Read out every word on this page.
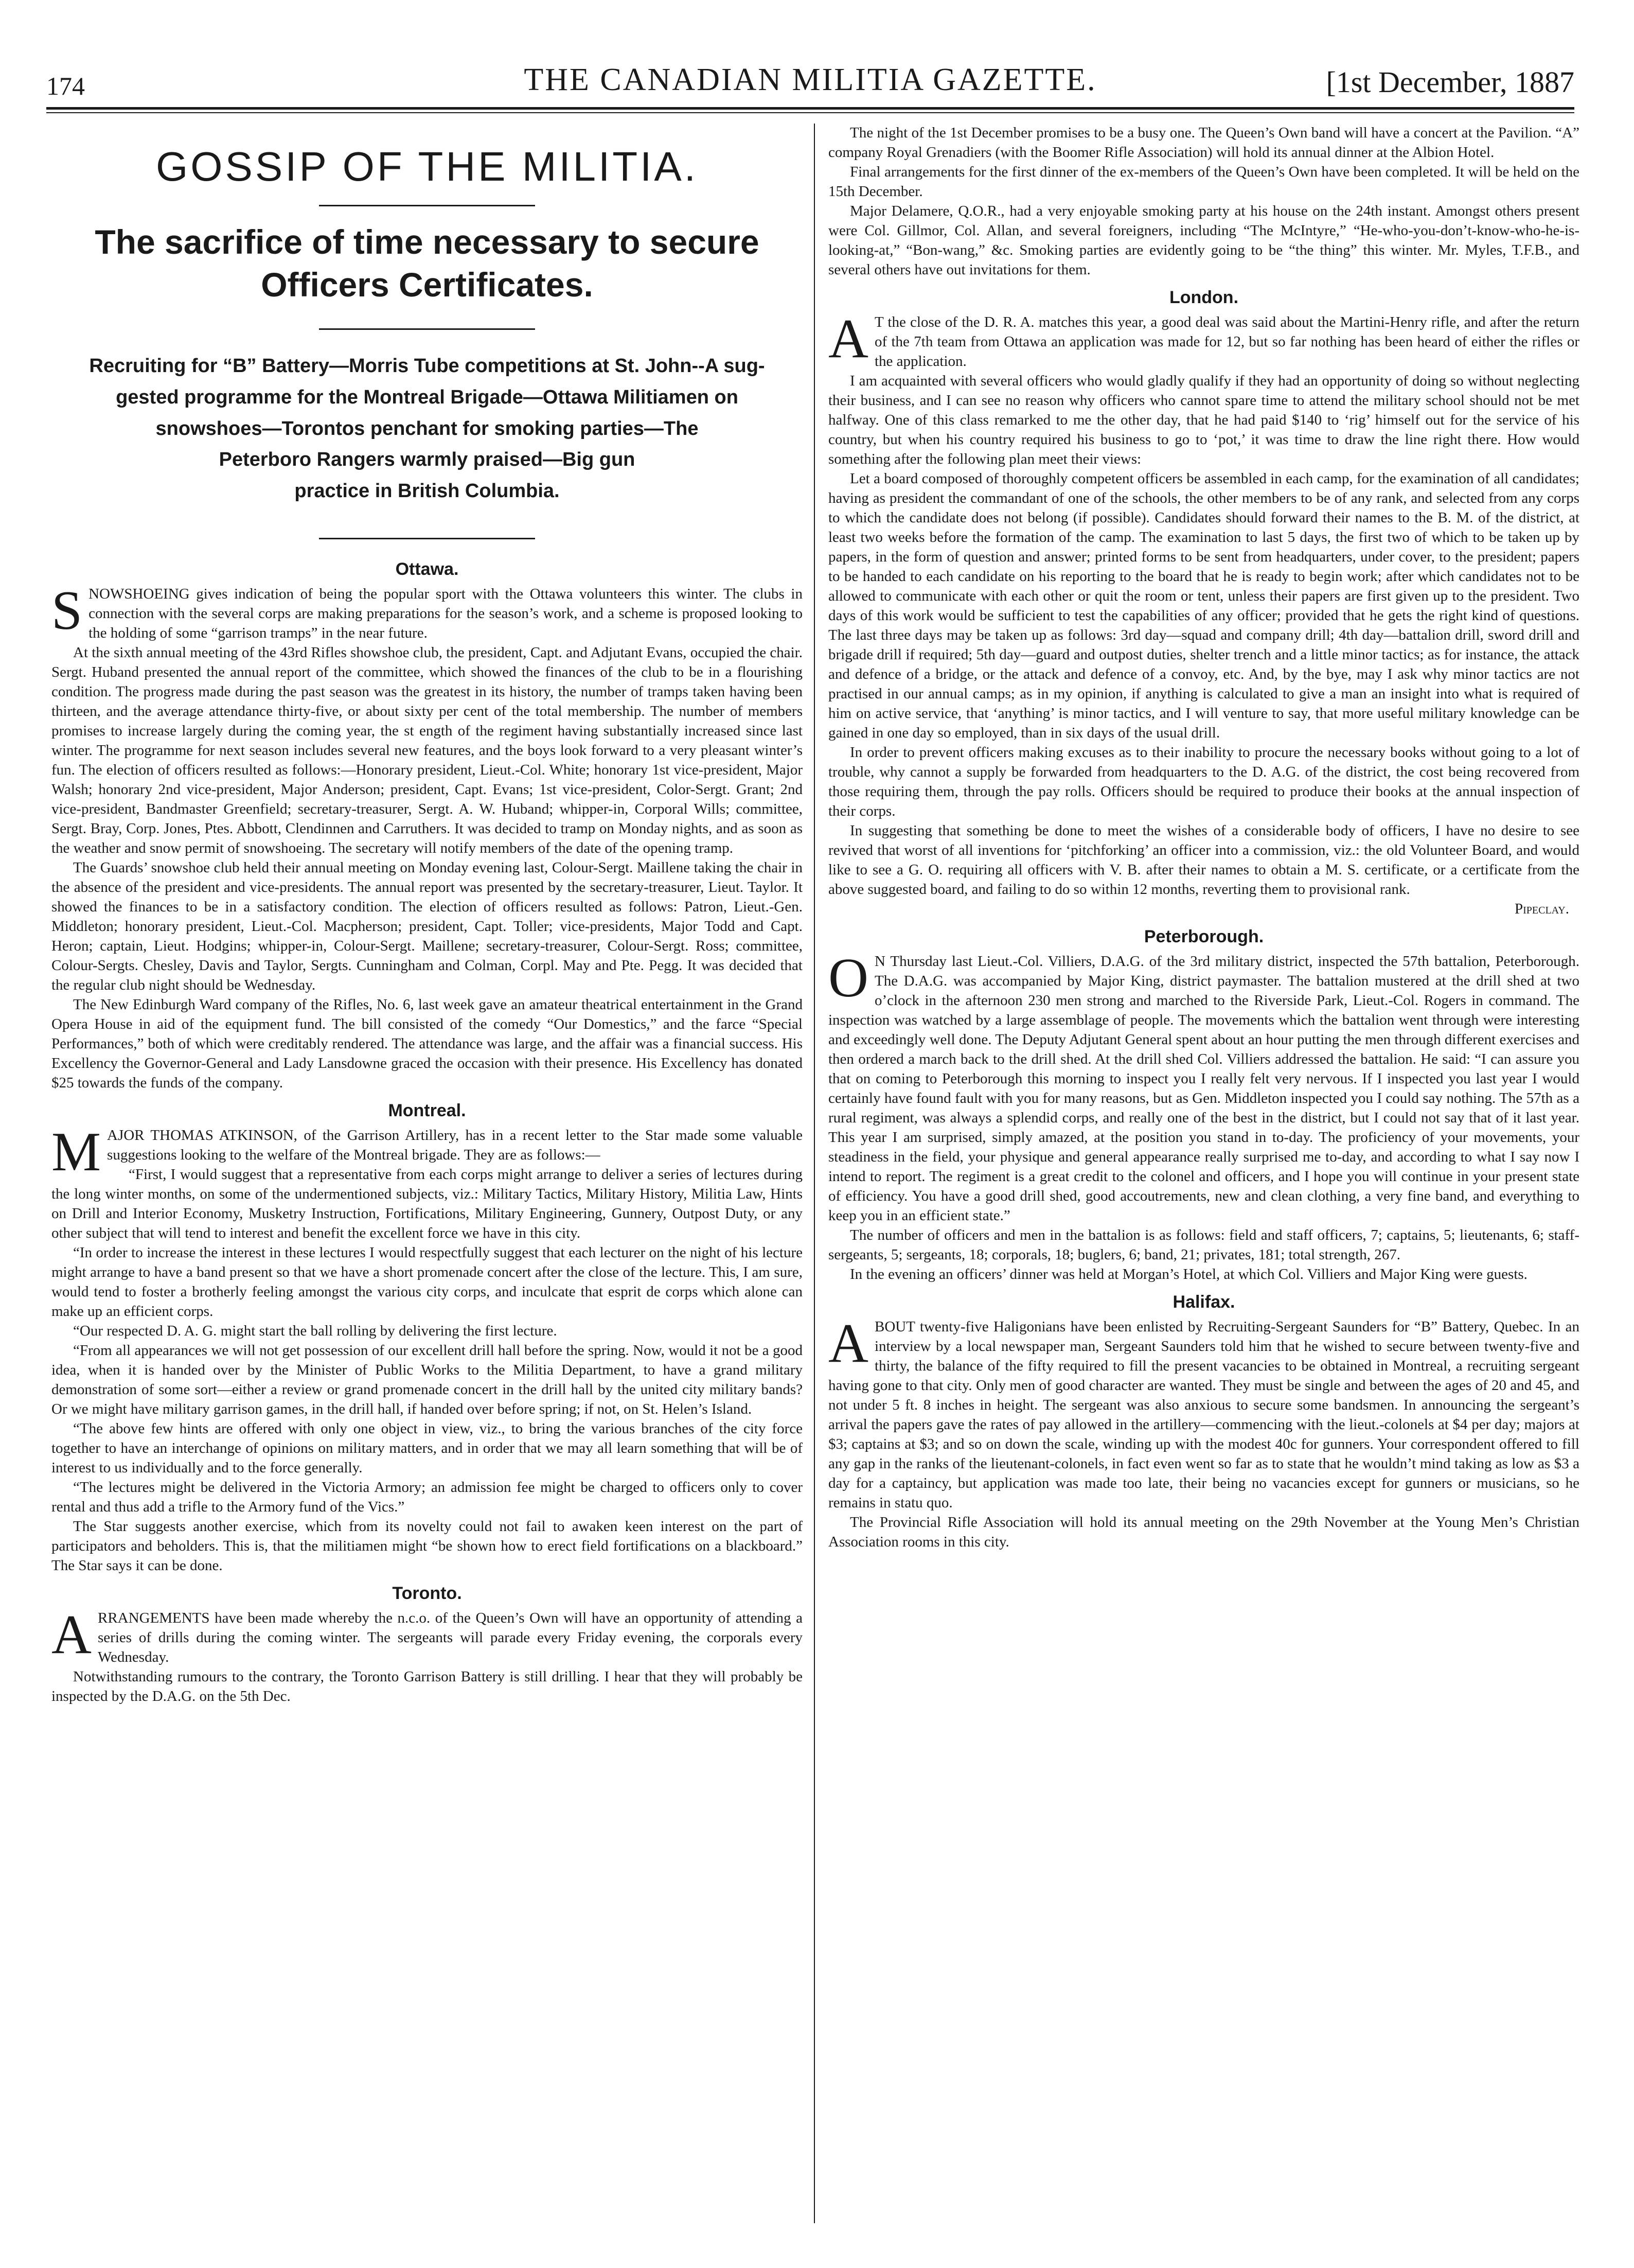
174	THE CANADIAN MILITIA GAZETTE.	[1st December, 1887
GOSSIP OF THE MILITIA.
The sacrifice of time necessary to secure Officers Certificates.
Recruiting for “B” Battery—Morris Tube competitions at St. John--A sug-
gested programme for the Montreal Brigade—Ottawa Militiamen on
snowshoes—Torontos penchant for smoking parties—The
Peterboro Rangers warmly praised—Big gun
practice in British Columbia.
Ottawa.

SNOWSHOEING gives indication of being the popular sport with the Ottawa volunteers this winter. The clubs in connection with the several corps are making preparations for the season’s work, and a scheme is proposed looking to the holding of some “garrison tramps” in the near future.

At the sixth annual meeting of the 43rd Rifles showshoe club, the president, Capt. and Adjutant Evans, occupied the chair. Sergt. Huband presented the annual report of the committee, which showed the finances of the club to be in a flourishing condition. The progress made during the past season was the greatest in its history, the number of tramps taken having been thirteen, and the average attendance thirty-five, or about sixty per cent of the total membership. The number of members promises to increase largely during the coming year, the st ength of the regiment having substantially increased since last winter. The programme for next season includes several new features, and the boys look forward to a very pleasant winter’s fun. The election of officers resulted as follows:—Honorary president, Lieut.-Col. White; honorary 1st vice-president, Major Walsh; honorary 2nd vice-president, Major Anderson; president, Capt. Evans; 1st vice-president, Color-Sergt. Grant; 2nd vice-president, Bandmaster Greenfield; secretary-treasurer, Sergt. A. W. Huband; whipper-in, Corporal Wills; committee, Sergt. Bray, Corp. Jones, Ptes. Abbott, Clendinnen and Carruthers. It was decided to tramp on Monday nights, and as soon as the weather and snow permit of snowshoeing. The secretary will notify members of the date of the opening tramp.

The Guards’ snowshoe club held their annual meeting on Monday evening last, Colour-Sergt. Maillene taking the chair in the absence of the president and vice-presidents. The annual report was presented by the secretary-treasurer, Lieut. Taylor. It showed the finances to be in a satisfactory condition. The election of officers resulted as follows: Patron, Lieut.-Gen. Middleton; honorary president, Lieut.-Col. Macpherson; president, Capt. Toller; vice-presidents, Major Todd and Capt. Heron; captain, Lieut. Hodgins; whipper-in, Colour-Sergt. Maillene; secretary-treasurer, Colour-Sergt. Ross; committee, Colour-Sergts. Chesley, Davis and Taylor, Sergts. Cunningham and Colman, Corpl. May and Pte. Pegg. It was decided that the regular club night should be Wednesday.

The New Edinburgh Ward company of the Rifles, No. 6, last week gave an amateur theatrical entertainment in the Grand Opera House in aid of the equipment fund. The bill consisted of the comedy “Our Domestics,” and the farce “Special Performances,” both of which were creditably rendered. The attendance was large, and the affair was a financial success. His Excellency the Governor-General and Lady Lansdowne graced the occasion with their presence. His Excellency has donated $25 towards the funds of the company.

Montreal.

MAJOR THOMAS ATKINSON, of the Garrison Artillery, has in a recent letter to the Star made some valuable suggestions looking to the welfare of the Montreal brigade. They are as follows:—

“First, I would suggest that a representative from each corps might arrange to deliver a series of lectures during the long winter months, on some of the undermentioned subjects, viz.: Military Tactics, Military History, Militia Law, Hints on Drill and Interior Economy, Musketry Instruction, Fortifications, Military Engineering, Gunnery, Outpost Duty, or any other subject that will tend to interest and benefit the excellent force we have in this city.

“In order to increase the interest in these lectures I would respectfully suggest that each lecturer on the night of his lecture might arrange to have a band present so that we have a short promenade concert after the close of the lecture. This, I am sure, would tend to foster a brotherly feeling amongst the various city corps, and inculcate that esprit de corps which alone can make up an efficient corps.

“Our respected D. A. G. might start the ball rolling by delivering the first lecture.

“From all appearances we will not get possession of our excellent drill hall before the spring. Now, would it not be a good idea, when it is handed over by the Minister of Public Works to the Militia Department, to have a grand military demonstration of some sort—either a review or grand promenade concert in the drill hall by the united city military bands? Or we might have military garrison games, in the drill hall, if handed over before spring; if not, on St. Helen’s Island.

“The above few hints are offered with only one object in view, viz., to bring the various branches of the city force together to have an interchange of opinions on military matters, and in order that we may all learn something that will be of interest to us individually and to the force generally.

“The lectures might be delivered in the Victoria Armory; an admission fee might be charged to officers only to cover rental and thus add a trifle to the Armory fund of the Vics.”

The Star suggests another exercise, which from its novelty could not fail to awaken keen interest on the part of participators and beholders. This is, that the militiamen might “be shown how to erect field fortifications on a blackboard.” The Star says it can be done.

Toronto.

ARRANGEMENTS have been made whereby the n.c.o. of the Queen’s Own will have an opportunity of attending a series of drills during the coming winter. The sergeants will parade every Friday evening, the corporals every Wednesday.

Notwithstanding rumours to the contrary, the Toronto Garrison Battery is still drilling. I hear that they will probably be inspected by the D.A.G. on the 5th Dec.

The night of the 1st December promises to be a busy one. The Queen’s Own band will have a concert at the Pavilion. “A” company Royal Grenadiers (with the Boomer Rifle Association) will hold its annual dinner at the Albion Hotel.

Final arrangements for the first dinner of the ex-members of the Queen’s Own have been completed. It will be held on the 15th December.

Major Delamere, Q.O.R., had a very enjoyable smoking party at his house on the 24th instant. Amongst others present were Col. Gillmor, Col. Allan, and several foreigners, including “The McIntyre,” “He-who-you-don’t-know-who-he-is-looking-at,” “Bon-wang,” &c. Smoking parties are evidently going to be “the thing” this winter. Mr. Myles, T.F.B., and several others have out invitations for them.

London.

AT the close of the D. R. A. matches this year, a good deal was said about the Martini-Henry rifle, and after the return of the 7th team from Ottawa an application was made for 12, but so far nothing has been heard of either the rifles or the application.

I am acquainted with several officers who would gladly qualify if they had an opportunity of doing so without neglecting their business, and I can see no reason why officers who cannot spare time to attend the military school should not be met halfway. One of this class remarked to me the other day, that he had paid $140 to ‘rig’ himself out for the service of his country, but when his country required his business to go to ‘pot,’ it was time to draw the line right there. How would something after the following plan meet their views:

Let a board composed of thoroughly competent officers be assembled in each camp, for the examination of all candidates; having as president the commandant of one of the schools, the other members to be of any rank, and selected from any corps to which the candidate does not belong (if possible). Candidates should forward their names to the B. M. of the district, at least two weeks before the formation of the camp. The examination to last 5 days, the first two of which to be taken up by papers, in the form of question and answer; printed forms to be sent from headquarters, under cover, to the president; papers to be handed to each candidate on his reporting to the board that he is ready to begin work; after which candidates not to be allowed to communicate with each other or quit the room or tent, unless their papers are first given up to the president. Two days of this work would be sufficient to test the capabilities of any officer; provided that he gets the right kind of questions. The last three days may be taken up as follows: 3rd day—squad and company drill; 4th day—battalion drill, sword drill and brigade drill if required; 5th day—guard and outpost duties, shelter trench and a little minor tactics; as for instance, the attack and defence of a bridge, or the attack and defence of a convoy, etc. And, by the bye, may I ask why minor tactics are not practised in our annual camps; as in my opinion, if anything is calculated to give a man an insight into what is required of him on active service, that ‘anything’ is minor tactics, and I will venture to say, that more useful military knowledge can be gained in one day so employed, than in six days of the usual drill.

In order to prevent officers making excuses as to their inability to procure the necessary books without going to a lot of trouble, why cannot a supply be forwarded from headquarters to the D. A.G. of the district, the cost being recovered from those requiring them, through the pay rolls. Officers should be required to produce their books at the annual inspection of their corps.

In suggesting that something be done to meet the wishes of a considerable body of officers, I have no desire to see revived that worst of all inventions for ‘pitchforking’ an officer into a commission, viz.: the old Volunteer Board, and would like to see a G. O. requiring all officers with V. B. after their names to obtain a M. S. certificate, or a certificate from the above suggested board, and failing to do so within 12 months, reverting them to provisional rank.

Pipeclay.
Peterborough.

ON Thursday last Lieut.-Col. Villiers, D.A.G. of the 3rd military district, inspected the 57th battalion, Peterborough. The D.A.G. was accompanied by Major King, district paymaster. The battalion mustered at the drill shed at two o’clock in the afternoon 230 men strong and marched to the Riverside Park, Lieut.-Col. Rogers in command. The inspection was watched by a large assemblage of people. The movements which the battalion went through were interesting and exceedingly well done. The Deputy Adjutant General spent about an hour putting the men through different exercises and then ordered a march back to the drill shed. At the drill shed Col. Villiers addressed the battalion. He said: “I can assure you that on coming to Peterborough this morning to inspect you I really felt very nervous. If I inspected you last year I would certainly have found fault with you for many reasons, but as Gen. Middleton inspected you I could say nothing. The 57th as a rural regiment, was always a splendid corps, and really one of the best in the district, but I could not say that of it last year. This year I am surprised, simply amazed, at the position you stand in to-day. The proficiency of your movements, your steadiness in the field, your physique and general appearance really surprised me to-day, and according to what I say now I intend to report. The regiment is a great credit to the colonel and officers, and I hope you will continue in your present state of efficiency. You have a good drill shed, good accoutrements, new and clean clothing, a very fine band, and everything to keep you in an efficient state.”

The number of officers and men in the battalion is as follows: field and staff officers, 7; captains, 5; lieutenants, 6; staff-sergeants, 5; sergeants, 18; corporals, 18; buglers, 6; band, 21; privates, 181; total strength, 267.

In the evening an officers’ dinner was held at Morgan’s Hotel, at which Col. Villiers and Major King were guests.

Halifax.

ABOUT twenty-five Haligonians have been enlisted by Recruiting-Sergeant Saunders for “B” Battery, Quebec. In an interview by a local newspaper man, Sergeant Saunders told him that he wished to secure between twenty-five and thirty, the balance of the fifty required to fill the present vacancies to be obtained in Montreal, a recruiting sergeant having gone to that city. Only men of good character are wanted. They must be single and between the ages of 20 and 45, and not under 5 ft. 8 inches in height. The sergeant was also anxious to secure some bandsmen. In announcing the sergeant’s arrival the papers gave the rates of pay allowed in the artillery—commencing with the lieut.-colonels at $4 per day; majors at $3; captains at $3; and so on down the scale, winding up with the modest 40c for gunners. Your correspondent offered to fill any gap in the ranks of the lieutenant-colonels, in fact even went so far as to state that he wouldn’t mind taking as low as $3 a day for a captaincy, but application was made too late, their being no vacancies except for gunners or musicians, so he remains in statu quo.

The Provincial Rifle Association will hold its annual meeting on the 29th November at the Young Men’s Christian Association rooms in this city.
